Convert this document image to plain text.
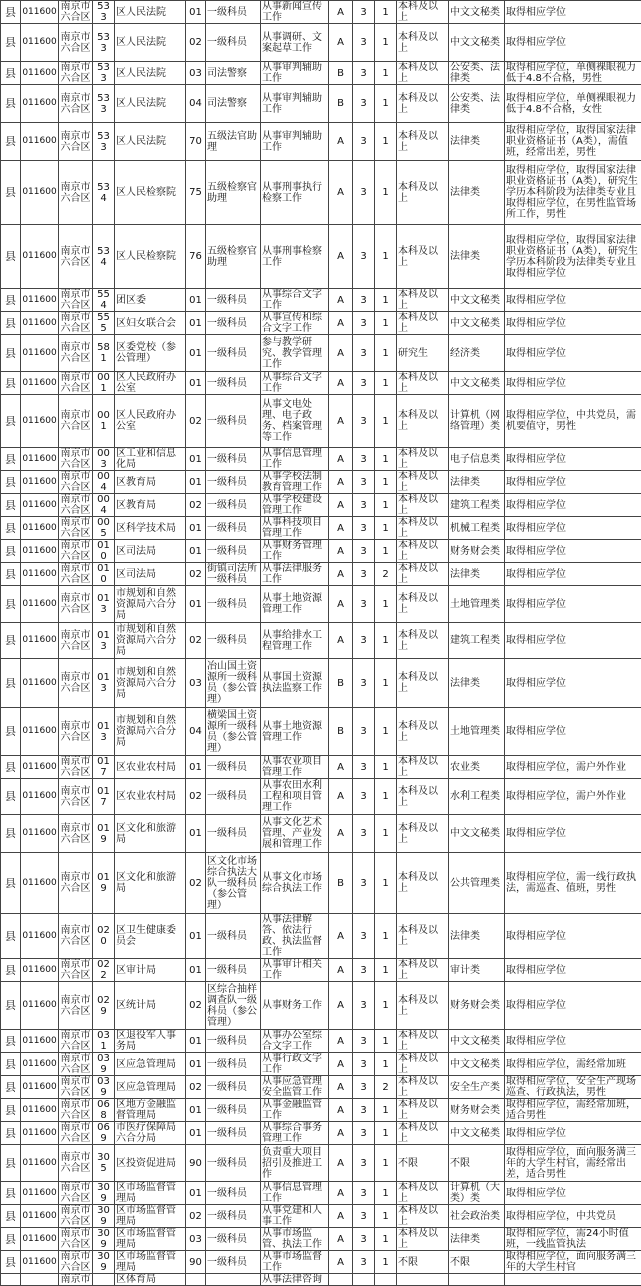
县	011600	南京市六合区	533	区人民法院	01	一级科员	从事新闻宣传工作	A	3	1	本科及以上	中文文秘类	取得相应学位
县	011600	南京市六合区	533	区人民法院	02	一级科员	从事调研、文案起草工作	A	3	1	本科及以上	中文文秘类	取得相应学位
县	011600	南京市六合区	533	区人民法院	03	司法警察	从事审判辅助工作	B	3	1	本科及以上	公安类、法律类	取得相应学位，单侧裸眼视力低于4.8不合格，男性
县	011600	南京市六合区	533	区人民法院	04	司法警察	从事审判辅助工作	B	3	1	本科及以上	公安类、法律类	取得相应学位，单侧裸眼视力低于4.8不合格，女性
县	011600	南京市六合区	533	区人民法院	70	五级法官助理	从事审判辅助工作	A	3	1	本科及以上	法律类	取得相应学位，取得国家法律职业资格证书（A类），需值班，经常出差，男性
县	011600	南京市六合区	534	区人民检察院	75	五级检察官助理	从事刑事执行检察工作	A	3	1	本科及以上	法律类	取得相应学位，取得国家法律职业资格证书（A类），研究生学历本科阶段为法律类专业且取得相应学位，在男性监管场所工作，男性
县	011600	南京市六合区	534	区人民检察院	76	五级检察官助理	从事刑事检察工作	A	3	1	本科及以上	法律类	取得相应学位，取得国家法律职业资格证书（A类），研究生学历本科阶段为法律类专业且取得相应学位
县	011600	南京市六合区	554	团区委	01	一级科员	从事综合文字工作	A	3	1	本科及以上	中文文秘类	取得相应学位
县	011600	南京市六合区	555	区妇女联合会	01	一级科员	从事宣传和综合文字工作	A	3	1	本科及以上	中文文秘类	取得相应学位
县	011600	南京市六合区	581	区委党校（参公管理）	01	一级科员	参与教学研究、教学管理工作	A	3	1	研究生	经济类	取得相应学位
县	011600	南京市六合区	001	区人民政府办公室	01	一级科员	从事综合文字工作	A	3	1	本科及以上	中文文秘类	取得相应学位
县	011600	南京市六合区	001	区人民政府办公室	02	一级科员	从事文电处理、电子政务、档案管理等工作	A	3	1	本科及以上	计算机（网络管理）类	取得相应学位，中共党员，需机要值守，男性
县	011600	南京市六合区	003	区工业和信息化局	01	一级科员	从事信息管理工作	A	3	1	本科及以上	电子信息类	取得相应学位
县	011600	南京市六合区	004	区教育局	01	一级科员	从事学校法制教育管理工作	A	3	1	本科及以上	法律类	取得相应学位
县	011600	南京市六合区	004	区教育局	02	一级科员	从事学校建设管理工作	A	3	1	本科及以上	建筑工程类	取得相应学位
县	011600	南京市六合区	005	区科学技术局	01	一级科员	从事科技项目管理工作	A	3	1	本科及以上	机械工程类	取得相应学位
县	011600	南京市六合区	010	区司法局	01	一级科员	从事财务管理工作	A	3	1	本科及以上	财务财会类	取得相应学位
县	011600	南京市六合区	010	区司法局	02	街镇司法所一级科员	从事法律服务工作	A	3	2	本科及以上	法律类	取得相应学位
县	011600	南京市六合区	013	市规划和自然资源局六合分局	01	一级科员	从事土地资源管理工作	A	3	1	本科及以上	土地管理类	取得相应学位
县	011600	南京市六合区	013	市规划和自然资源局六合分局	02	一级科员	从事给排水工程管理工作	A	3	1	本科及以上	建筑工程类	取得相应学位
县	011600	南京市六合区	013	市规划和自然资源局六合分局	03	冶山国土资源所一级科员（参公管理）	从事国土资源执法监察工作	B	3	1	本科及以上	法律类	取得相应学位
县	011600	南京市六合区	013	市规划和自然资源局六合分局	04	横梁国土资源所一级科员（参公管理）	从事土地资源管理工作	B	3	1	本科及以上	土地管理类	取得相应学位
县	011600	南京市六合区	017	区农业农村局	01	一级科员	从事农业项目管理工作	A	3	1	本科及以上	农业类	取得相应学位，需户外作业
县	011600	南京市六合区	017	区农业农村局	02	一级科员	从事农田水利工程和项目管理工作	A	3	1	本科及以上	水利工程类	取得相应学位，需户外作业
县	011600	南京市六合区	019	区文化和旅游局	01	一级科员	从事文化艺术管理、产业发展和管理工作	A	3	1	本科及以上	中文文秘类	取得相应学位
县	011600	南京市六合区	019	区文化和旅游局	02	区文化市场综合执法大队一级科员（参公管理）	从事文化市场综合执法工作	B	3	1	本科及以上	公共管理类	取得相应学位，需一线行政执法，需巡查、值班，男性
县	011600	南京市六合区	020	区卫生健康委员会	01	一级科员	从事法律解答、依法行政、执法监督工作	A	3	1	本科及以上	法律类	取得相应学位
县	011600	南京市六合区	022	区审计局	01	一级科员	从事审计相关工作	A	3	1	本科及以上	审计类	取得相应学位
县	011600	南京市六合区	029	区统计局	02	区综合抽样调查队一级科员（参公管理）	从事财务工作	A	3	1	本科及以上	财务财会类	取得相应学位
县	011600	南京市六合区	031	区退役军人事务局	01	一级科员	从事办公室综合文字工作	A	3	1	本科及以上	中文文秘类	取得相应学位
县	011600	南京市六合区	039	区应急管理局	01	一级科员	从事行政文字工作	A	3	1	本科及以上	中文文秘类	取得相应学位，需经常加班
县	011600	南京市六合区	039	区应急管理局	02	一级科员	从事应急管理安全监管工作	A	3	2	本科及以上	安全生产类	取得相应学位，安全生产现场巡查、行政执法，男性
县	011600	南京市六合区	068	区地方金融监督管理局	01	一级科员	从事金融监管工作	A	3	1	本科及以上	财务财会类	取得相应学位，需经常加班，适合男性
县	011600	南京市六合区	069	市医疗保障局六合分局	01	一级科员	从事综合事务管理工作	A	3	1	本科及以上	中文文秘类	取得相应学位
县	011600	南京市六合区	305	区投资促进局	90	一级科员	负责重大项目招引及推进工作	A	3	1	不限	不限	取得相应学位，面向服务满三年的大学生村官，需经常出差，适合男性
县	011600	南京市六合区	309	区市场监督管理局	01	一级科员	从事信息管理工作	A	3	1	本科及以上	计算机（大类）类	取得相应学位
县	011600	南京市六合区	309	区市场监督管理局	02	一级科员	从事党建和人事工作	A	3	1	本科及以上	社会政治类	取得相应学位，中共党员
县	011600	南京市六合区	309	区市场监督管理局	03	一级科员	从事市场监管、执法工作	A	3	1	本科及以上	法律类	取得相应学位，需24小时值班，一线监管执法
县	011600	南京市六合区	309	区市场监督管理局	90	一级科员	从事市场监督工作	A	3	1	不限	不限	取得相应学位，面向服务满三年的大学生村官
		南京市		区体育局			从事法律咨询						
